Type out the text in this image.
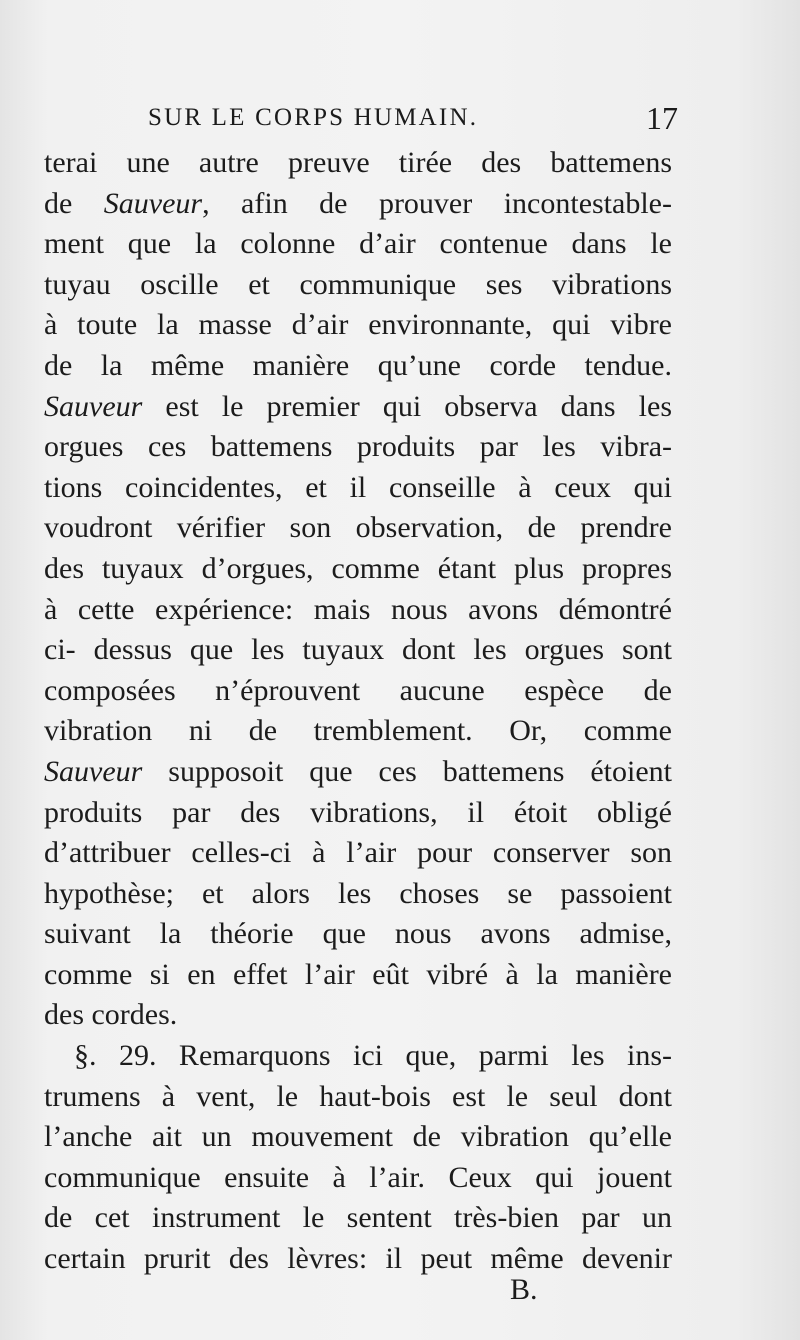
SUR LE CORPS HUMAIN.	17
terai une autre preuve tirée des battemens
de Sauveur, afin de prouver incontestable-
ment que la colonne d’air contenue dans le
tuyau oscille et communique ses vibrations
à toute la masse d’air environnante, qui vibre
de la même manière qu’une corde tendue.
Sauveur est le premier qui observa dans les
orgues ces battemens produits par les vibra-
tions coincidentes, et il conseille à ceux qui
voudront vérifier son observation, de prendre
des tuyaux d’orgues, comme étant plus propres
à cette expérience: mais nous avons démontré
ci- dessus que les tuyaux dont les orgues sont
composées n’éprouvent aucune espèce de
vibration ni de tremblement. Or, comme
Sauveur supposoit que ces battemens étoient
produits par des vibrations, il étoit obligé
d’attribuer celles-ci à l’air pour conserver son
hypothèse; et alors les choses se passoient
suivant la théorie que nous avons admise,
comme si en effet l’air eût vibré à la manière
des cordes.
§. 29. Remarquons ici que, parmi les ins-
trumens à vent, le haut-bois est le seul dont
l’anche ait un mouvement de vibration qu’elle
communique ensuite à l’air. Ceux qui jouent
de cet instrument le sentent très-bien par un
certain prurit des lèvres: il peut même devenir
B.
